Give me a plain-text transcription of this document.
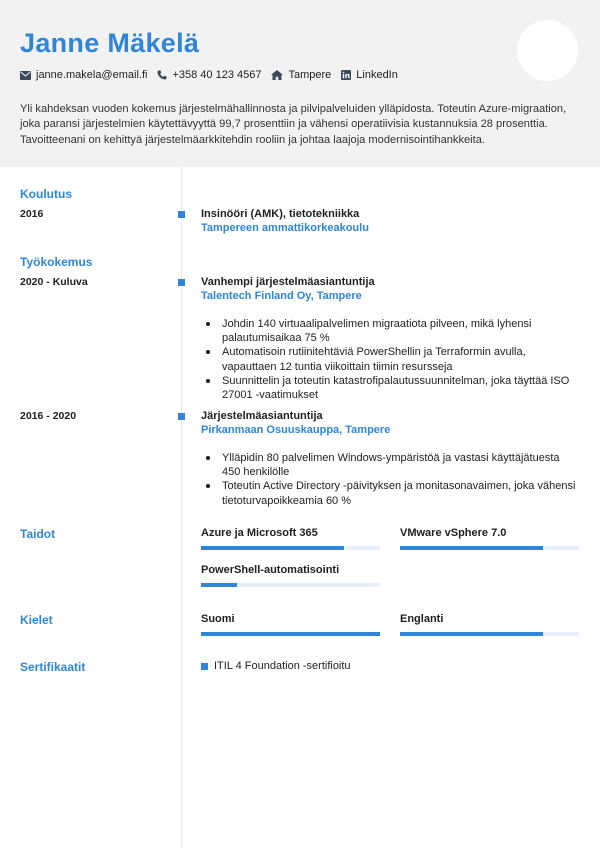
Janne Mäkelä
janne.makela@email.fi +358 40 123 4567 Tampere LinkedIn

Yli kahdeksan vuoden kokemus järjestelmähallinnosta ja pilvipalveluiden ylläpidosta. Toteutin Azure-migraation, joka paransi järjestelmien käytettävyyttä 99,7 prosenttiin ja vähensi operatiivisia kustannuksia 28 prosenttia. Tavoitteenani on kehittyä järjestelmäarkkitehdin rooliin ja johtaa laajoja modernisointihankkeita.

Koulutus
2016	Insinööri (AMK), tietotekniikka
Tampereen ammattikorkeakoulu
Työkokemus
2020 - Kuluva	Vanhempi järjestelmäasiantuntija
Talentech Finland Oy, Tampere
Johdin 140 virtuaalipalvelimen migraatiota pilveen, mikä lyhensi palautumisaikaa 75 %
Automatisoin rutiinitehtäviä PowerShellin ja Terraformin avulla, vapauttaen 12 tuntia viikoittain tiimin resursseja
Suunnittelin ja toteutin katastrofipalautussuunnitelman, joka täyttää ISO 27001 -vaatimukset
2016 - 2020	Järjestelmäasiantuntija
Pirkanmaan Osuuskauppa, Tampere
Ylläpidin 80 palvelimen Windows-ympäristöä ja vastasi käyttäjätuesta 450 henkilölle
Toteutin Active Directory -päivityksen ja monitasonavaimen, joka vähensi tietoturvapoikkeamia 60 %
Taidot	Azure ja Microsoft 365	VMware vSphere 7.0
PowerShell-automatisointi
Kielet	Suomi	Englanti
Sertifikaatit	ITIL 4 Foundation -sertifioitu
